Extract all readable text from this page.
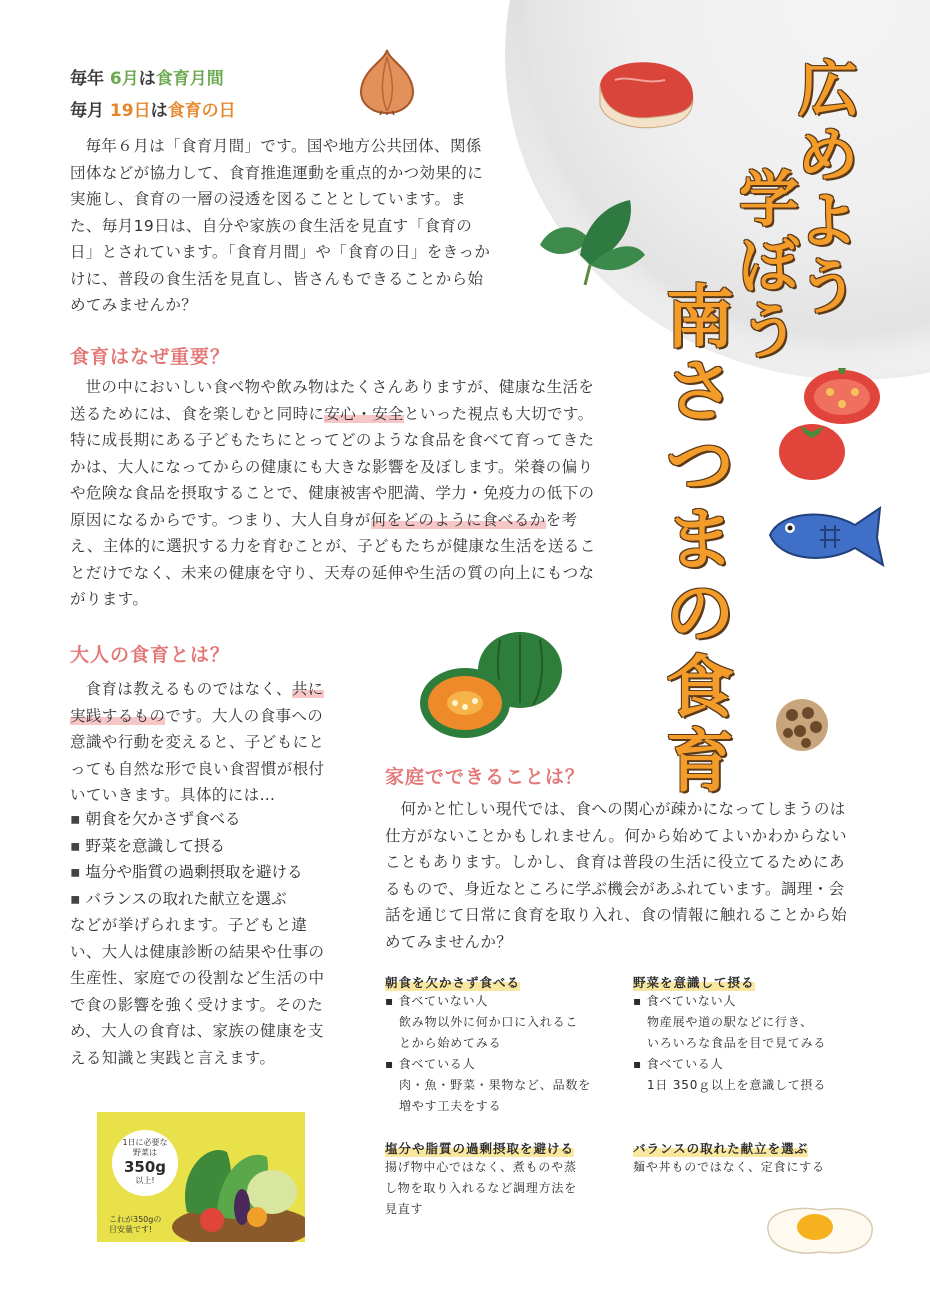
広
め
よ
う
学
ぼ
う
南
さ
つ
ま
の
食
育
毎年 6月は食育月間
毎月 19日は食育の日

毎年６月は「食育月間」です。国や地方公共団体、関係団体などが協力して、食育推進運動を重点的かつ効果的に実施し、食育の一層の浸透を図ることとしています。また、毎月19日は、自分や家族の食生活を見直す「食育の日」とされています。「食育月間」や「食育の日」をきっかけに、普段の食生活を見直し、皆さんもできることから始めてみませんか？

食育はなぜ重要？

世の中においしい食べ物や飲み物はたくさんありますが、健康な生活を送るためには、食を楽しむと同時に安心・安全といった視点も大切です。特に成長期にある子どもたちにとってどのような食品を食べて育ってきたかは、大人になってからの健康にも大きな影響を及ぼします。栄養の偏りや危険な食品を摂取することで、健康被害や肥満、学力・免疫力の低下の原因になるからです。つまり、大人自身が何をどのように食べるかを考え、主体的に選択する力を育むことが、子どもたちが健康な生活を送ることだけでなく、未来の健康を守り、天寿の延伸や生活の質の向上にもつながります。

大人の食育とは？

食育は教えるものではなく、共に実践するものです。大人の食事への意識や行動を変えると、子どもにとっても自然な形で良い食習慣が根付いていきます。具体的には…

▪ 朝食を欠かさず食べる
▪ 野菜を意識して摂る
▪ 塩分や脂質の過剰摂取を避ける
▪ バランスの取れた献立を選ぶ

などが挙げられます。子どもと違い、大人は健康診断の結果や仕事の生産性、家庭での役割など生活の中で食の影響を強く受けます。そのため、大人の食育は、家族の健康を支える知識と実践と言えます。

1日に必要な
野菜は
350g
以上!
これが350gの
目安量です!
家庭でできることは？

何かと忙しい現代では、食への関心が疎かになってしまうのは仕方がないことかもしれません。何から始めてよいかわからないこともあります。しかし、食育は普段の生活に役立てるためにあるもので、身近なところに学ぶ機会があふれています。調理・会話を通じて日常に食育を取り入れ、食の情報に触れることから始めてみませんか？

朝食を欠かさず食べる
▪ 食べていない人
飲み物以外に何か口に入れるこ
とから始めてみる
▪ 食べている人
肉・魚・野菜・果物など、品数を
増やす工夫をする
野菜を意識して摂る
▪ 食べていない人
物産展や道の駅などに行き、
いろいろな食品を目で見てみる
▪ 食べている人
1日 350ｇ以上を意識して摂る
塩分や脂質の過剰摂取を避ける
揚げ物中心ではなく、煮ものや蒸
し物を取り入れるなど調理方法を
見直す
バランスの取れた献立を選ぶ
麺や丼ものではなく、定食にする
